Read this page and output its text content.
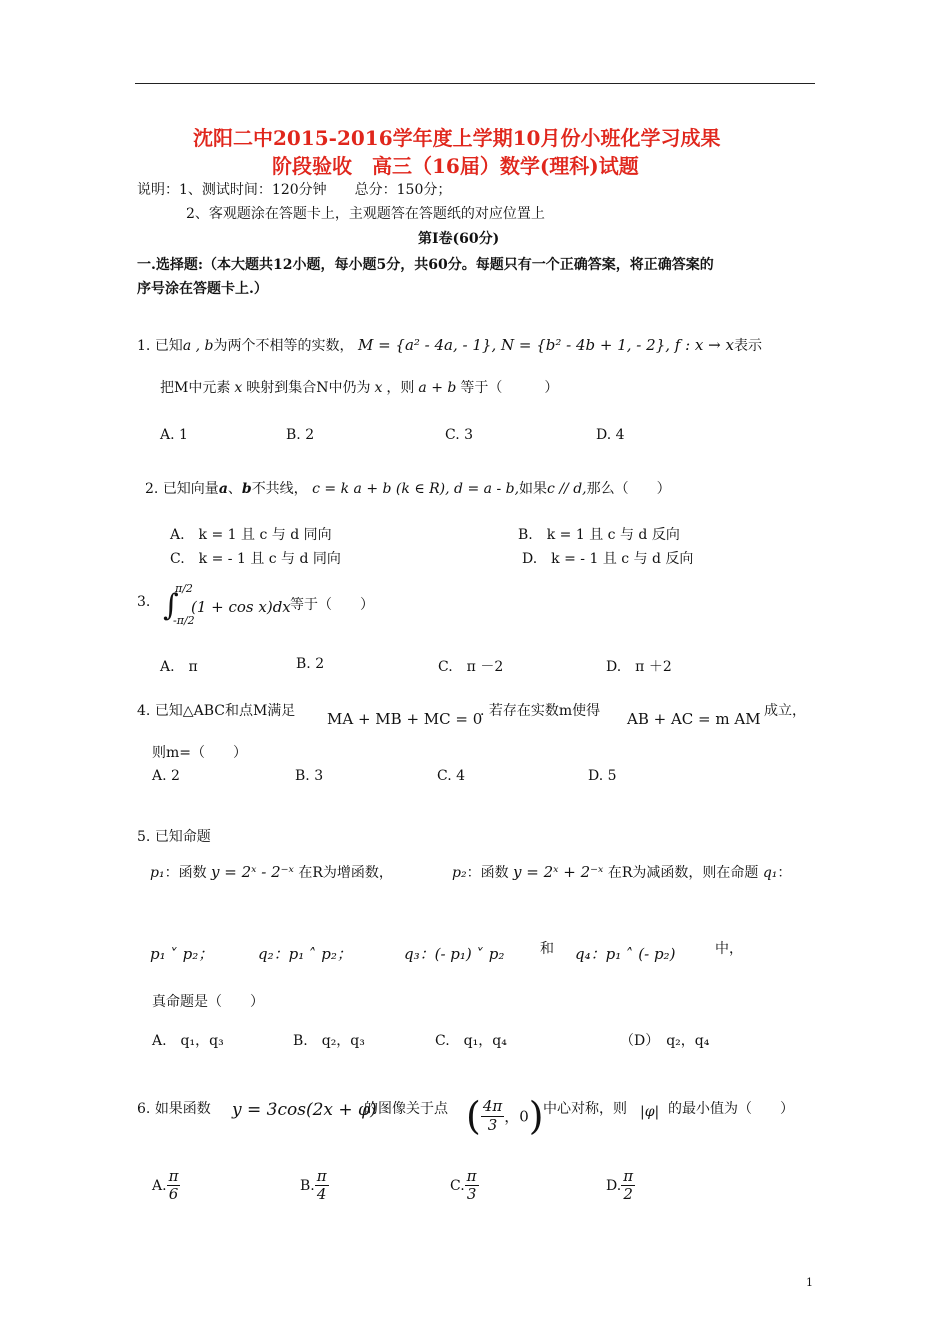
沈阳二中2015-2016学年度上学期10月份小班化学习成果
阶段验收　高三（16届）数学(理科)试题
说明：1、测试时间：120分钟　　总分：150分；
2、客观题涂在答题卡上，主观题答在答题纸的对应位置上
第Ⅰ卷(60分)
一.选择题:（本大题共12小题，每小题5分，共60分。每题只有一个正确答案，将正确答案的
序号涂在答题卡上.）
1. 已知a , b为两个不相等的实数， M = {a² - 4a, - 1}, N = {b² - 4b + 1, - 2}, f : x → x表示
把M中元素 x 映射到集合N中仍为 x ，则 a + b 等于（　　　）
A. 1	B. 2	C. 3	D. 4
2. 已知向量a、b不共线， c = k a + b (k ∈ R), d = a - b,如果c // d,那么（　　）
A.　k = 1 且 c 与 d 同向	B.　k = 1 且 c 与 d 反向
C.　k = - 1 且 c 与 d 同向	D.　k = - 1 且 c 与 d 反向
3. ∫
π/2
-π/2
(1 + cos x)dx 等于（　　）
A.　π	B. 2	C.　π －2	D.　π ＋2
4. 已知△ABC和点M满足 MA + MB + MC = 0
. 若存在实数m使得 AB + AC = m AM 成立，
则m=（　　）
A. 2	B. 3	C. 4	D. 5
5. 已知命题
p₁：函数 y = 2ˣ - 2⁻ˣ 在R为增函数，	p₂：函数 y = 2ˣ + 2⁻ˣ 在R为减函数，则在命题 q₁：
p₁ ˅ p₂；	q₂：p₁ ˄ p₂；	q₃：(- p₁) ˅ p₂	和 q₄：p₁ ˄ (- p₂)	中，
真命题是（　　）
A.　q₁，q₃	B.　q₂，q₃	C.　q₁，q₄	（D）　q₂，q₄
6. 如果函数 y = 3cos(2x + φ)
的图像关于点 ( $\frac{4\pi}{3}$ ，0) 中心对称，则 |φ| 的最小值为（　　）
A. $\frac{\pi}{6}$	B. $\frac{\pi}{4}$	C. $\frac{\pi}{3}$	D. $\frac{\pi}{2}$
1
